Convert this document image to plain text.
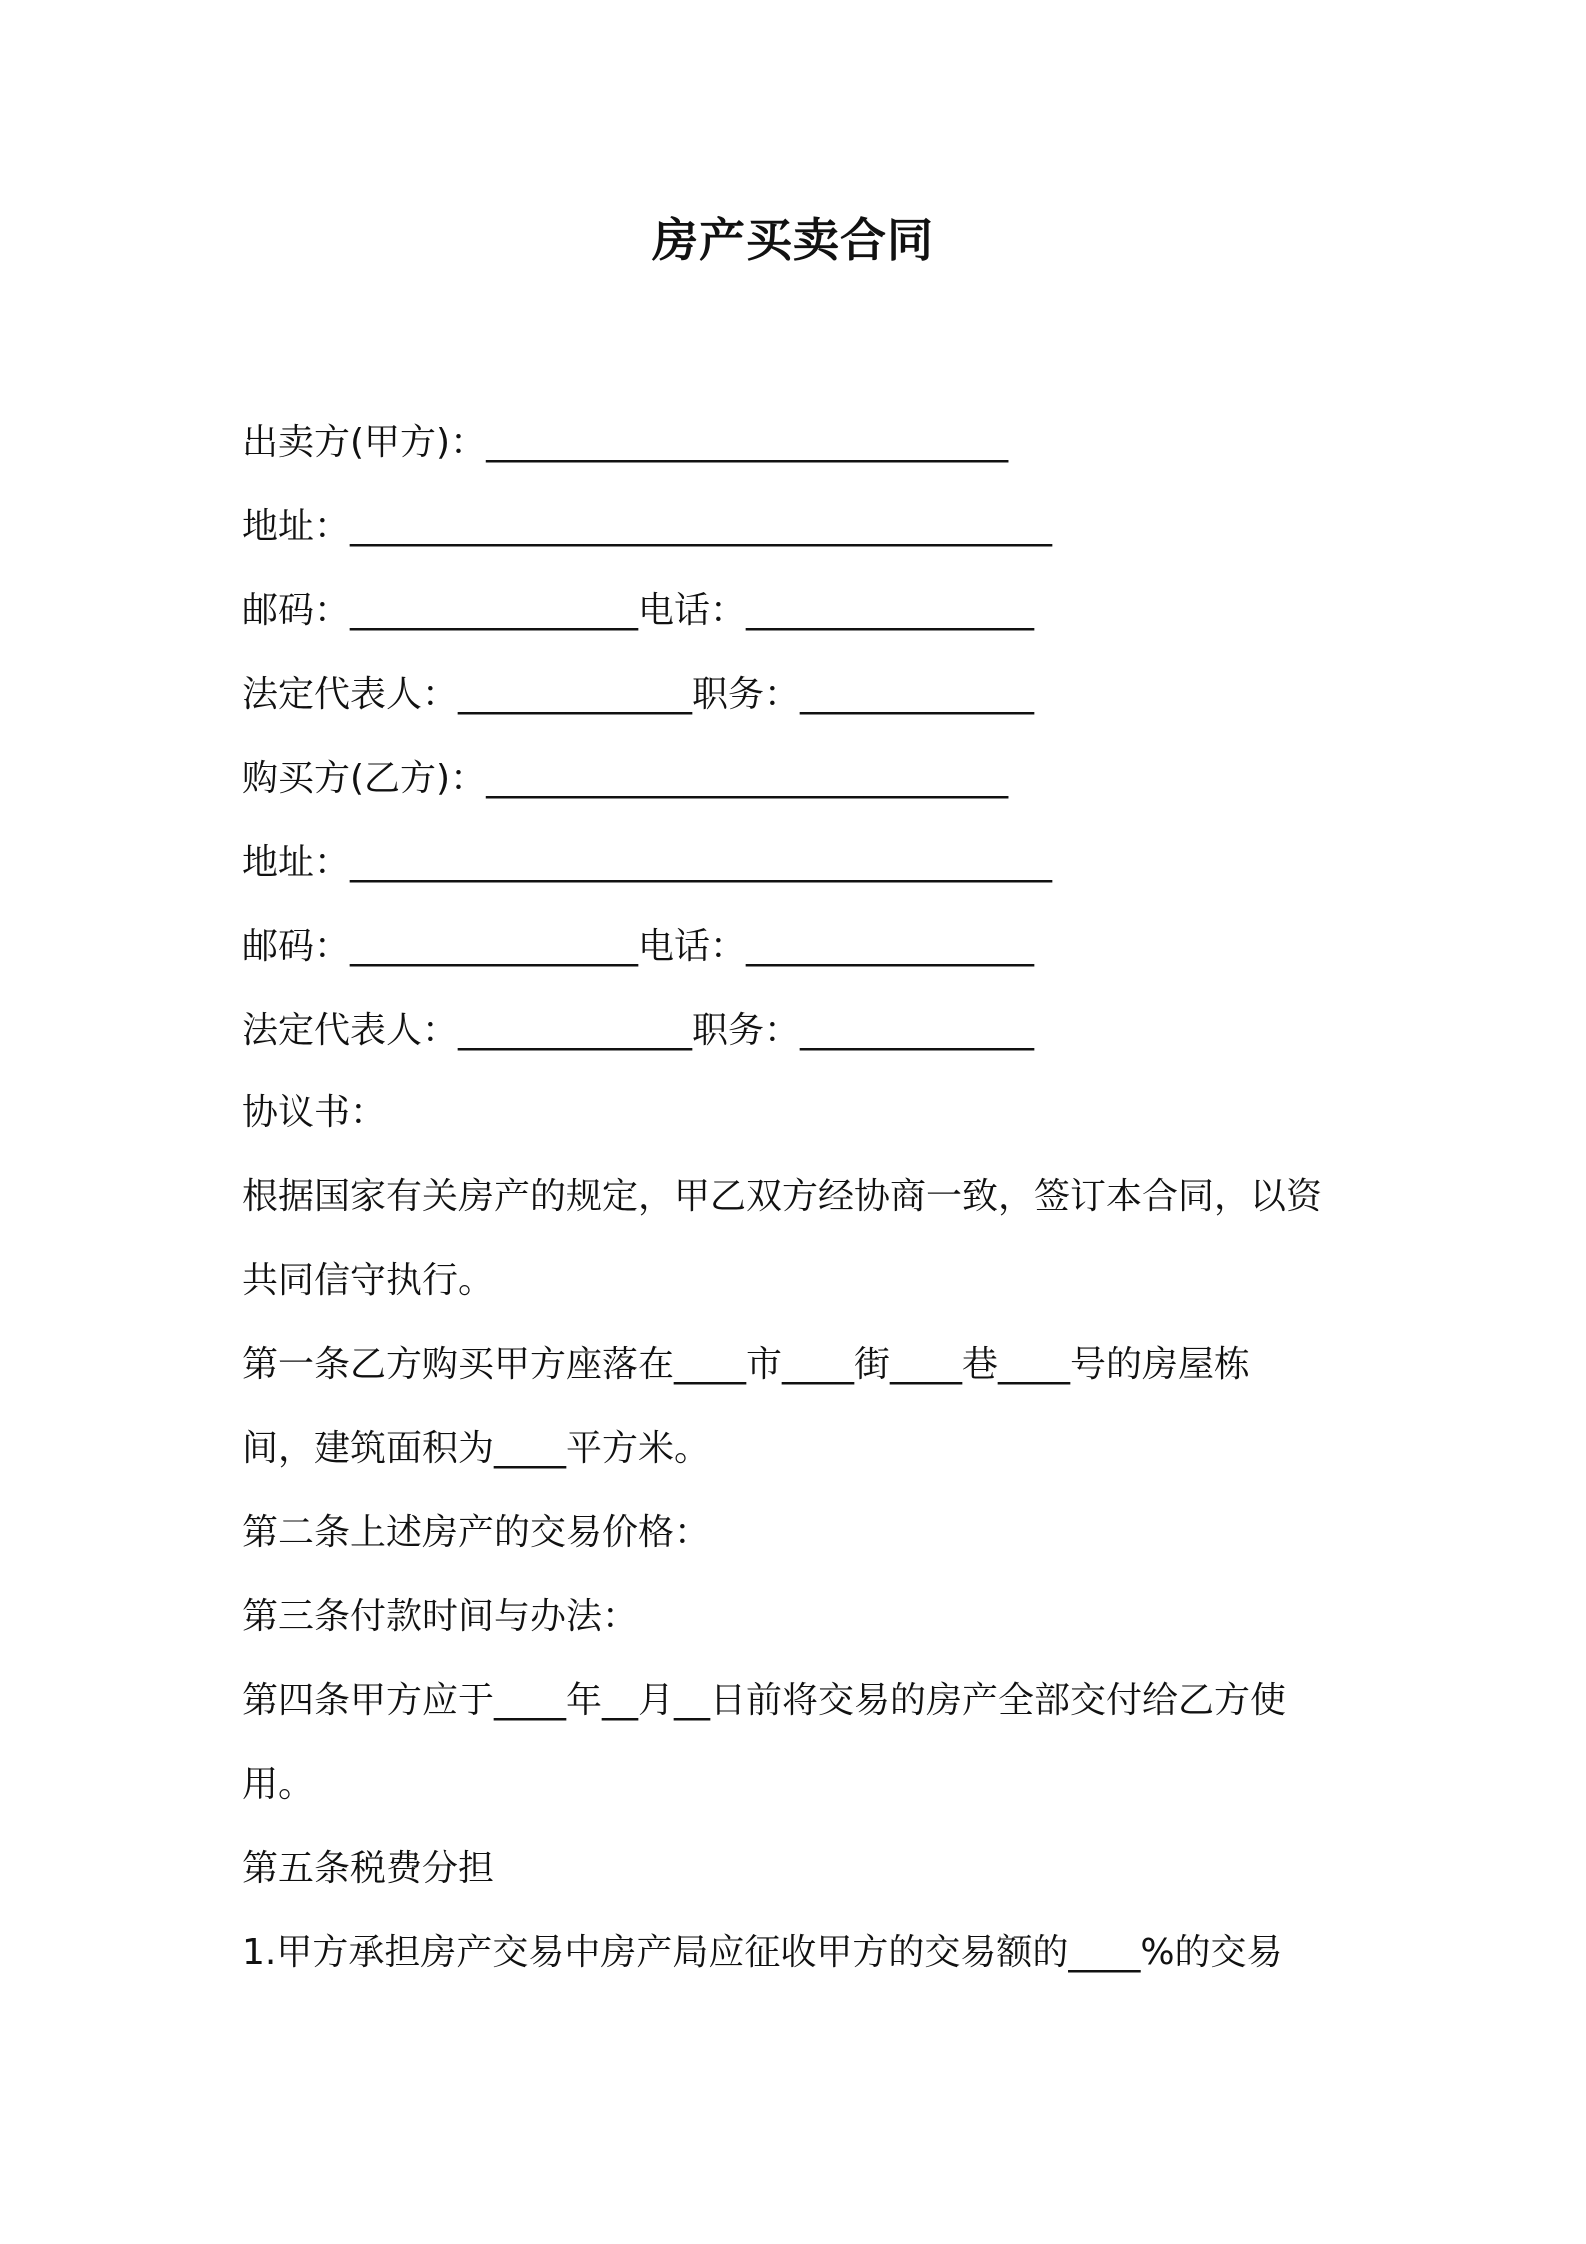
房产买卖合同
出卖方(甲方)：_____________________________
地址：_______________________________________
邮码：________________电话：________________
法定代表人：_____________职务：_____________
购买方(乙方)：_____________________________
地址：_______________________________________
邮码：________________电话：________________
法定代表人：_____________职务：_____________
协议书：
根据国家有关房产的规定，甲乙双方经协商一致，签订本合同，以资
共同信守执行。
第一条乙方购买甲方座落在____市____街____巷____号的房屋栋
间，建筑面积为____平方米。
第二条上述房产的交易价格：
第三条付款时间与办法：
第四条甲方应于____年__月__日前将交易的房产全部交付给乙方使
用。
第五条税费分担
1.甲方承担房产交易中房产局应征收甲方的交易额的____%的交易
